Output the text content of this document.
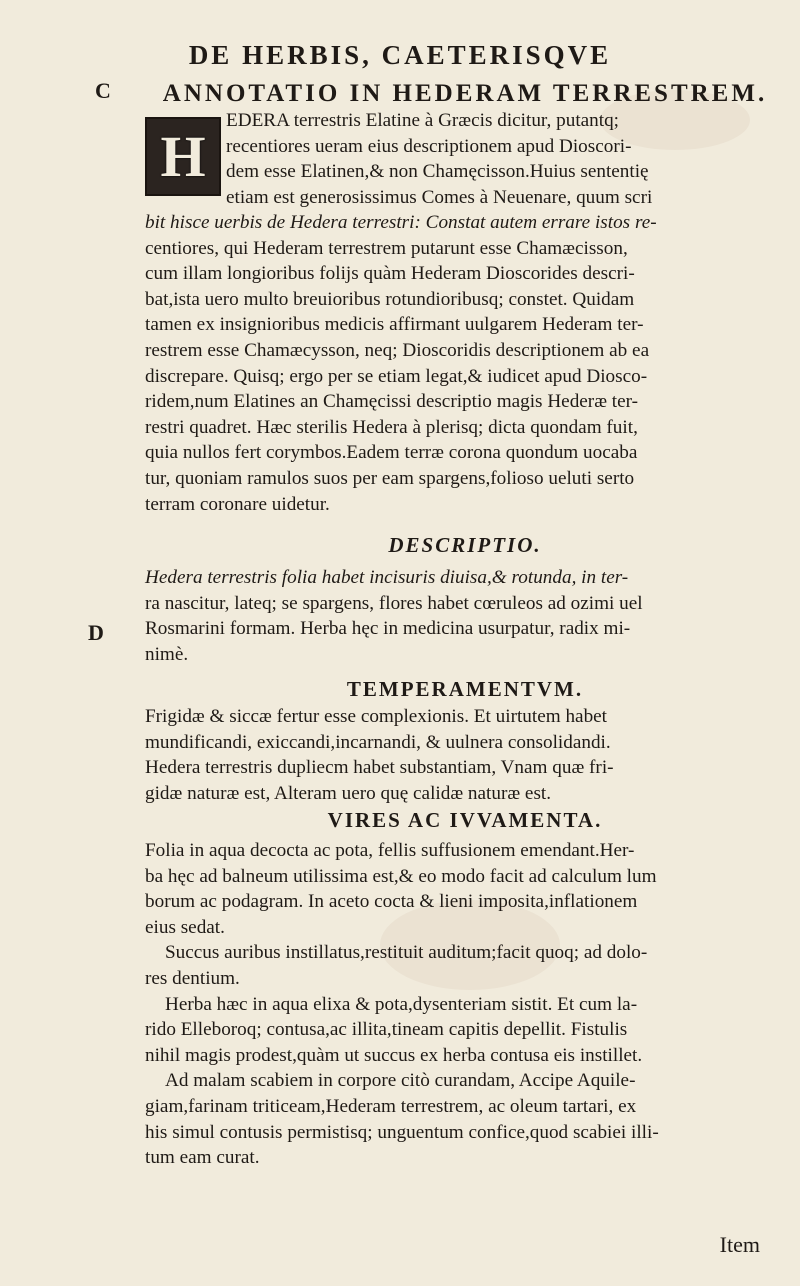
DE HERBIS, CAETERISQVE
C
D
ANNOTATIO IN HEDERAM TERRESTREM.
H
EDERA terrestris Elatine à Græcis dicitur, putantq;
recentiores ueram eius descriptionem apud Dioscori-
dem esse Elatinen,& non Chamęcisson.Huius sententię
etiam est generosissimus Comes à Neuenare, quum scri
bit hisce uerbis de Hedera terrestri: Constat autem errare istos re-
centiores, qui Hederam terrestrem putarunt esse Chamæcisson,
cum illam longioribus folijs quàm Hederam Dioscorides descri-
bat,ista uero multo breuioribus rotundioribusq; constet. Quidam
tamen ex insignioribus medicis affirmant uulgarem Hederam ter-
restrem esse Chamæcysson, neq; Dioscoridis descriptionem ab ea
discrepare. Quisq; ergo per se etiam legat,& iudicet apud Diosco-
ridem,num Elatines an Chamęcissi descriptio magis Hederæ ter-
restri quadret. Hæc sterilis Hedera à plerisq; dicta quondam fuit,
quia nullos fert corymbos.Eadem terræ corona quondum uocaba
tur, quoniam ramulos suos per eam spargens,folioso ueluti serto
terram coronare uidetur.
DESCRIPTIO.
Hedera terrestris folia habet incisuris diuisa,& rotunda, in ter-
ra nascitur, lateq; se spargens, flores habet cœruleos ad ozimi uel
Rosmarini formam. Herba hęc in medicina usurpatur, radix mi-
nimè.
TEMPERAMENTVM.
Frigidæ & siccæ fertur esse complexionis. Et uirtutem habet
mundificandi, exiccandi,incarnandi, & uulnera consolidandi.
Hedera terrestris dupliecm habet substantiam, Vnam quæ fri-
gidæ naturæ est, Alteram uero quę calidæ naturæ est.
VIRES AC IVVAMENTA.
Folia in aqua decocta ac pota, fellis suffusionem emendant.Her-
ba hęc ad balneum utilissima est,& eo modo facit ad calculum lum
borum ac podagram. In aceto cocta & lieni imposita,inflationem
eius sedat.
Succus auribus instillatus,restituit auditum;facit quoq; ad dolo-
res dentium.
Herba hæc in aqua elixa & pota,dysenteriam sistit. Et cum la-
rido Elleboroq; contusa,ac illita,tineam capitis depellit. Fistulis
nihil magis prodest,quàm ut succus ex herba contusa eis instillet.
Ad malam scabiem in corpore citò curandam, Accipe Aquile-
giam,farinam triticeam,Hederam terrestrem, ac oleum tartari, ex
his simul contusis permistisq; unguentum confice,quod scabiei illi-
tum eam curat.
Item
